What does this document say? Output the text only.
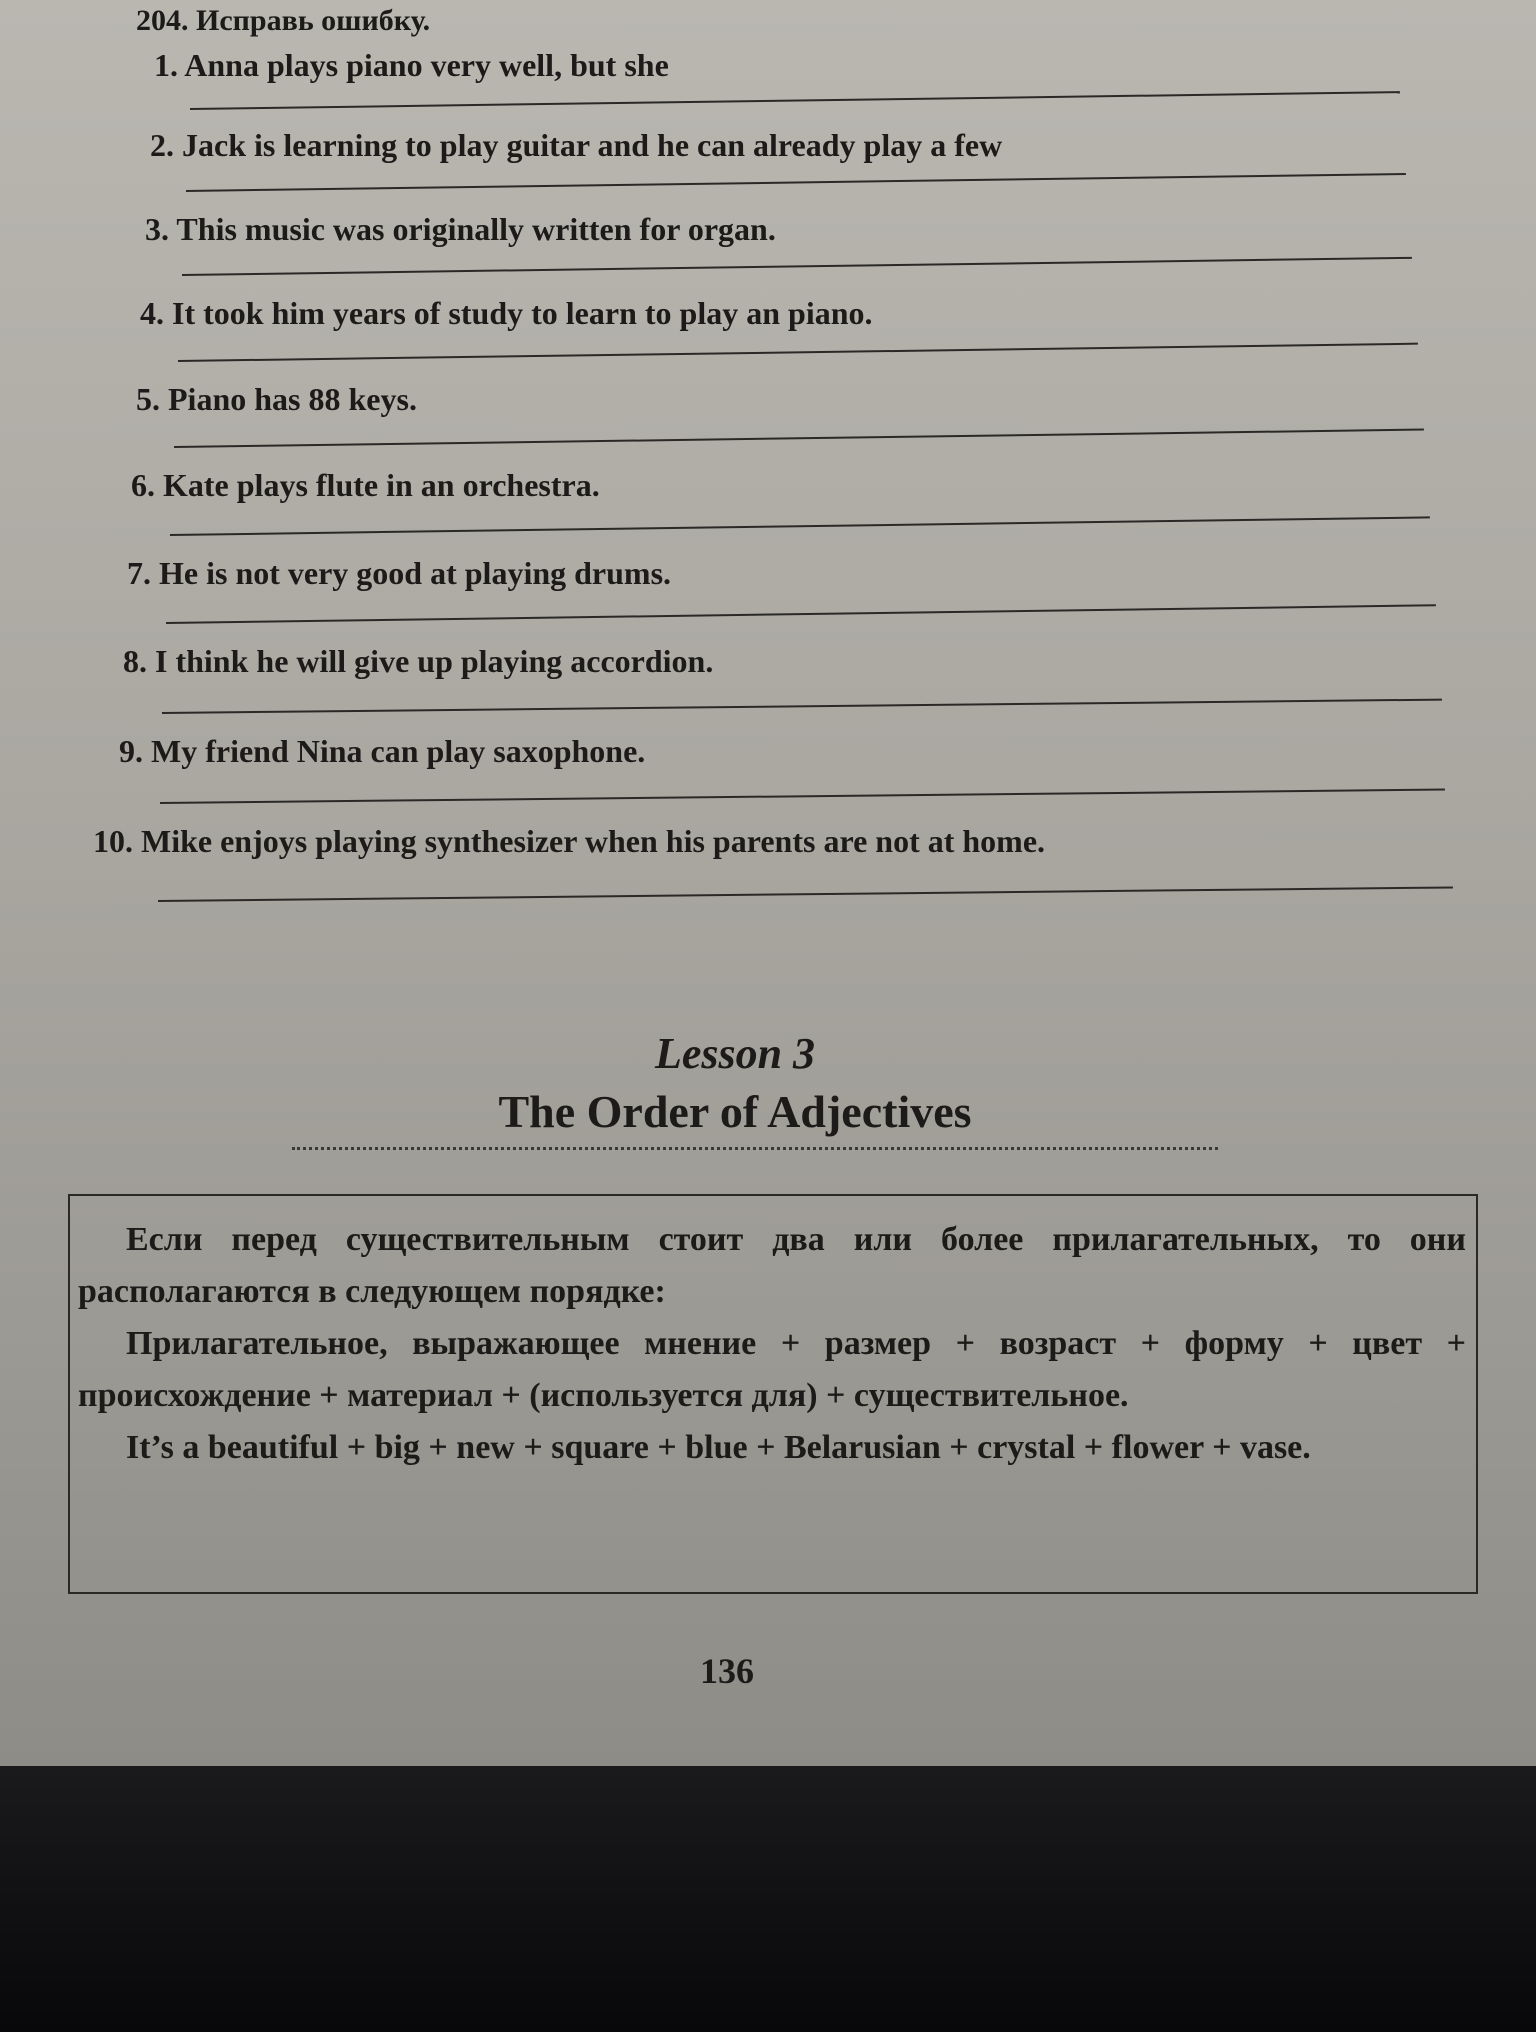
204. Исправь ошибку.
1. Anna plays piano very well, but she
2. Jack is learning to play guitar and he can already play a few
3. This music was originally written for organ.
4. It took him years of study to learn to play an piano.
5. Piano has 88 keys.
6. Kate plays flute in an orchestra.
7. He is not very good at playing drums.
8. I think he will give up playing accordion.
9. My friend Nina can play saxophone.
10. Mike enjoys playing synthesizer when his parents are not at home.
Lesson 3
The Order of Adjectives

Если перед существительным стоит два или более прилагательных, то они располагаются в следующем порядке:

Прилагательное, выражающее мнение + размер + возраст + форму + цвет + происхождение + материал + (используется для) + существительное.

It’s a beautiful + big + new + square + blue + Belarusian + crystal + flower + vase.

136
